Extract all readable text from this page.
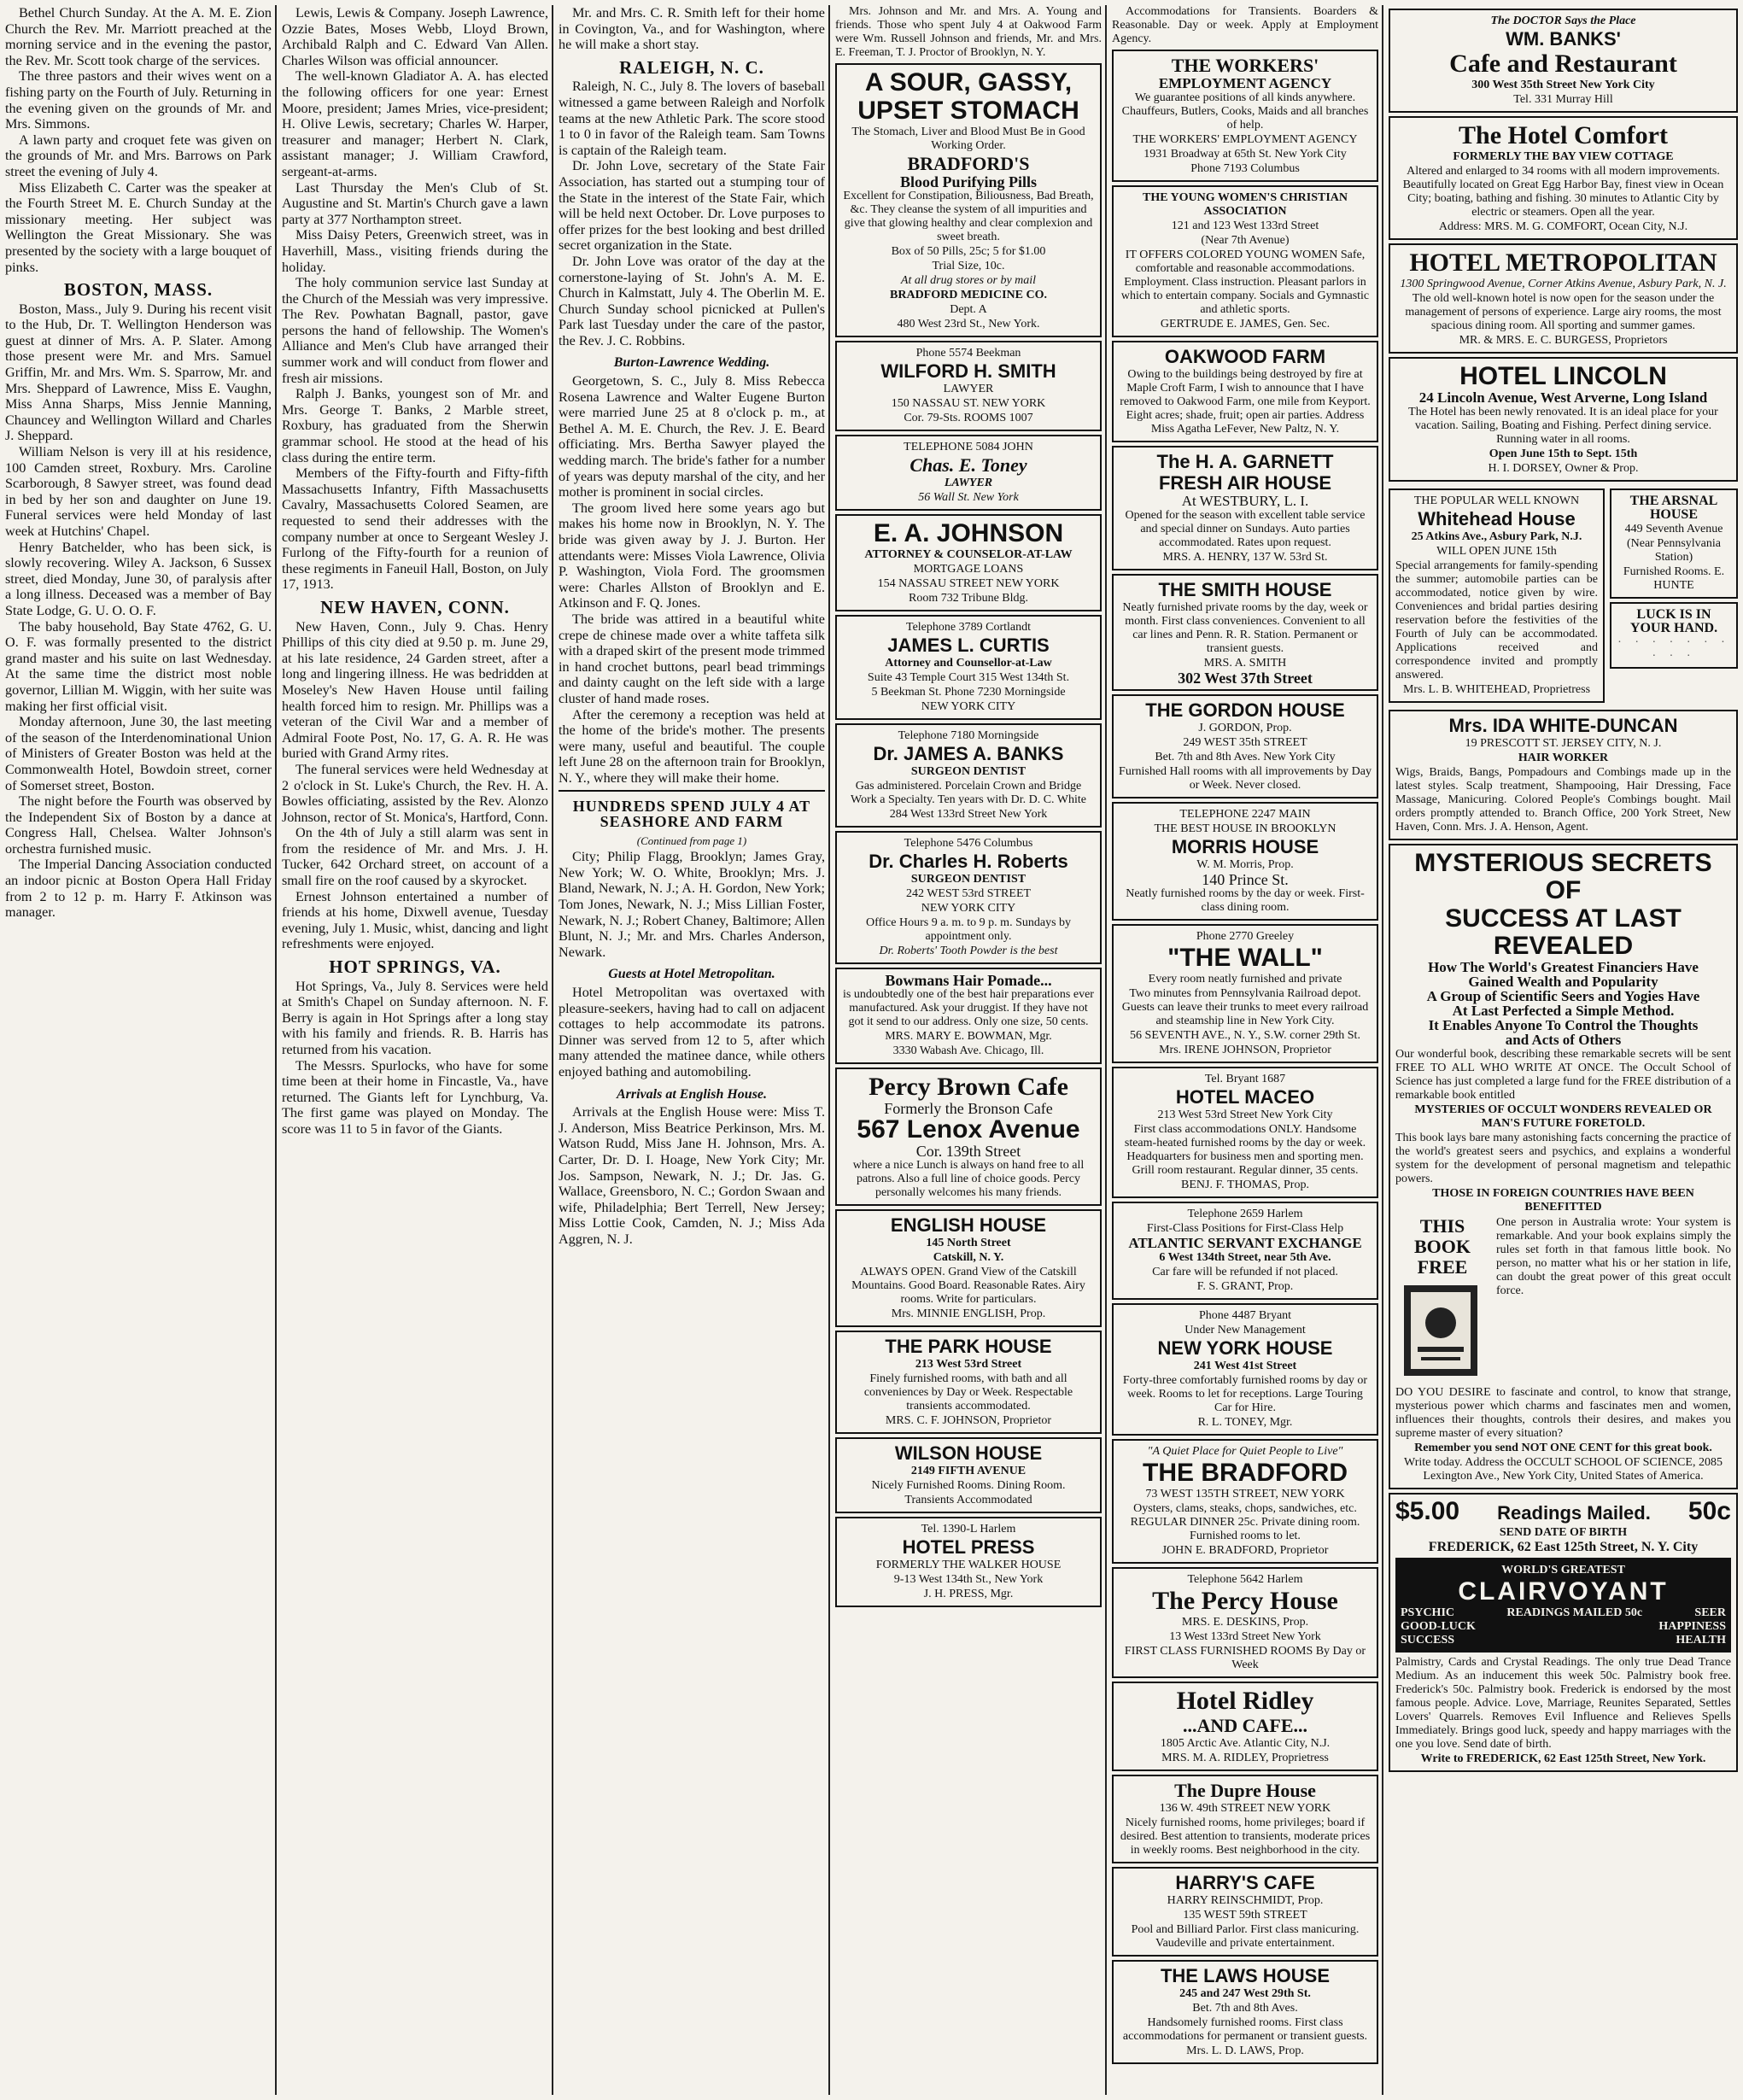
Bethel Church Sunday. At the A. M. E. Zion Church the Rev. Mr. Marriott preached at the morning service and in the evening the pastor, the Rev. Mr. Scott took charge of the services.

The three pastors and their wives went on a fishing party on the Fourth of July. Returning in the evening given on the grounds of Mr. and Mrs. Simmons.

A lawn party and croquet fete was given on the grounds of Mr. and Mrs. Barrows on Park street the evening of July 4.

Miss Elizabeth C. Carter was the speaker at the Fourth Street M. E. Church Sunday at the missionary meeting. Her subject was Wellington the Great Missionary. She was presented by the society with a large bouquet of pinks.

BOSTON, MASS.

Boston, Mass., July 9. During his recent visit to the Hub, Dr. T. Wellington Henderson was guest at dinner of Mrs. A. P. Slater. Among those present were Mr. and Mrs. Samuel Griffin, Mr. and Mrs. Wm. S. Sparrow, Mr. and Mrs. Sheppard of Lawrence, Miss E. Vaughn, Miss Anna Sharps, Miss Jennie Manning, Chauncey and Wellington Willard and Charles J. Sheppard.

William Nelson is very ill at his residence, 100 Camden street, Roxbury. Mrs. Caroline Scarborough, 8 Sawyer street, was found dead in bed by her son and daughter on June 19. Funeral services were held Monday of last week at Hutchins' Chapel.

Henry Batchelder, who has been sick, is slowly recovering. Wiley A. Jackson, 6 Sussex street, died Monday, June 30, of paralysis after a long illness. Deceased was a member of Bay State Lodge, G. U. O. O. F.

The baby household, Bay State 4762, G. U. O. F. was formally presented to the district grand master and his suite on last Wednesday. At the same time the district most noble governor, Lillian M. Wiggin, with her suite was making her first official visit.

Monday afternoon, June 30, the last meeting of the season of the Interdenominational Union of Ministers of Greater Boston was held at the Commonwealth Hotel, Bowdoin street, corner of Somerset street, Boston.

The night before the Fourth was observed by the Independent Six of Boston by a dance at Congress Hall, Chelsea. Walter Johnson's orchestra furnished music.

The Imperial Dancing Association conducted an indoor picnic at Boston Opera Hall Friday from 2 to 12 p. m. Harry F. Atkinson was manager.

Lewis, Lewis & Company. Joseph Lawrence, Ozzie Bates, Moses Webb, Lloyd Brown, Archibald Ralph and C. Edward Van Allen. Charles Wilson was official announcer.

The well-known Gladiator A. A. has elected the following officers for one year: Ernest Moore, president; James Mries, vice-president; H. Olive Lewis, secretary; Charles W. Harper, treasurer and manager; Herbert N. Clark, assistant manager; J. William Crawford, sergeant-at-arms.

Last Thursday the Men's Club of St. Augustine and St. Martin's Church gave a lawn party at 377 Northampton street.

Miss Daisy Peters, Greenwich street, was in Haverhill, Mass., visiting friends during the holiday.

The holy communion service last Sunday at the Church of the Messiah was very impressive. The Rev. Powhatan Bagnall, pastor, gave persons the hand of fellowship. The Women's Alliance and Men's Club have arranged their summer work and will conduct from flower and fresh air missions.

Ralph J. Banks, youngest son of Mr. and Mrs. George T. Banks, 2 Marble street, Roxbury, has graduated from the Sherwin grammar school. He stood at the head of his class during the entire term.

Members of the Fifty-fourth and Fifty-fifth Massachusetts Infantry, Fifth Massachusetts Cavalry, Massachusetts Colored Seamen, are requested to send their addresses with the company number at once to Sergeant Wesley J. Furlong of the Fifty-fourth for a reunion of these regiments in Faneuil Hall, Boston, on July 17, 1913.

NEW HAVEN, CONN.

New Haven, Conn., July 9. Chas. Henry Phillips of this city died at 9.50 p. m. June 29, at his late residence, 24 Garden street, after a long and lingering illness. He was bedridden at Moseley's New Haven House until failing health forced him to resign. Mr. Phillips was a veteran of the Civil War and a member of Admiral Foote Post, No. 17, G. A. R. He was buried with Grand Army rites.

The funeral services were held Wednesday at 2 o'clock in St. Luke's Church, the Rev. H. A. Bowles officiating, assisted by the Rev. Alonzo Johnson, rector of St. Monica's, Hartford, Conn.

On the 4th of July a still alarm was sent in from the residence of Mr. and Mrs. J. H. Tucker, 642 Orchard street, on account of a small fire on the roof caused by a skyrocket.

Ernest Johnson entertained a number of friends at his home, Dixwell avenue, Tuesday evening, July 1. Music, whist, dancing and light refreshments were enjoyed.

HOT SPRINGS, VA.

Hot Springs, Va., July 8. Services were held at Smith's Chapel on Sunday afternoon. N. F. Berry is again in Hot Springs after a long stay with his family and friends. R. B. Harris has returned from his vacation.

The Messrs. Spurlocks, who have for some time been at their home in Fincastle, Va., have returned. The Giants left for Lynchburg, Va. The first game was played on Monday. The score was 11 to 5 in favor of the Giants.

Mr. and Mrs. C. R. Smith left for their home in Covington, Va., and for Washington, where he will make a short stay.

RALEIGH, N. C.

Raleigh, N. C., July 8. The lovers of baseball witnessed a game between Raleigh and Norfolk teams at the new Athletic Park. The score stood 1 to 0 in favor of the Raleigh team. Sam Towns is captain of the Raleigh team.

Dr. John Love, secretary of the State Fair Association, has started out a stumping tour of the State in the interest of the State Fair, which will be held next October. Dr. Love purposes to offer prizes for the best looking and best drilled secret organization in the State.

Dr. John Love was orator of the day at the cornerstone-laying of St. John's A. M. E. Church in Kalmstatt, July 4. The Oberlin M. E. Church Sunday school picnicked at Pullen's Park last Tuesday under the care of the pastor, the Rev. J. C. Robbins.

Burton-Lawrence Wedding.

Georgetown, S. C., July 8. Miss Rebecca Rosena Lawrence and Walter Eugene Burton were married June 25 at 8 o'clock p. m., at Bethel A. M. E. Church, the Rev. J. E. Beard officiating. Mrs. Bertha Sawyer played the wedding march. The bride's father for a number of years was deputy marshal of the city, and her mother is prominent in social circles.

The groom lived here some years ago but makes his home now in Brooklyn, N. Y. The bride was given away by J. J. Burton. Her attendants were: Misses Viola Lawrence, Olivia P. Washington, Viola Ford. The groomsmen were: Charles Allston of Brooklyn and E. Atkinson and F. Q. Jones.

The bride was attired in a beautiful white crepe de chinese made over a white taffeta silk with a draped skirt of the present mode trimmed in hand crochet buttons, pearl bead trimmings and dainty caught on the left side with a large cluster of hand made roses.

After the ceremony a reception was held at the home of the bride's mother. The presents were many, useful and beautiful. The couple left June 28 on the afternoon train for Brooklyn, N. Y., where they will make their home.

HUNDREDS SPEND JULY 4 AT SEASHORE AND FARM
(Continued from page 1)

City; Philip Flagg, Brooklyn; James Gray, New York; W. O. White, Brooklyn; Mrs. J. Bland, Newark, N. J.; A. H. Gordon, New York; Tom Jones, Newark, N. J.; Miss Lillian Foster, Newark, N. J.; Robert Chaney, Baltimore; Allen Blunt, N. J.; Mr. and Mrs. Charles Anderson, Newark.

Guests at Hotel Metropolitan.

Hotel Metropolitan was overtaxed with pleasure-seekers, having had to call on adjacent cottages to help accommodate its patrons. Dinner was served from 12 to 5, after which many attended the matinee dance, while others enjoyed bathing and automobiling.

Arrivals at English House.

Arrivals at the English House were: Miss T. J. Anderson, Miss Beatrice Perkinson, Mrs. M. Watson Rudd, Miss Jane H. Johnson, Mrs. A. Carter, Dr. D. I. Hoage, New York City; Mr. Jos. Sampson, Newark, N. J.; Dr. Jas. G. Wallace, Greensboro, N. C.; Gordon Swaan and wife, Philadelphia; Bert Terrell, New Jersey; Miss Lottie Cook, Camden, N. J.; Miss Ada Aggren, N. J.

Mrs. Johnson and Mr. and Mrs. A. Young and friends. Those who spent July 4 at Oakwood Farm were Wm. Russell Johnson and friends, Mr. and Mrs. E. Freeman, T. J. Proctor of Brooklyn, N. Y.

A SOUR, GASSY,

UPSET STOMACH

The Stomach, Liver and Blood Must Be in Good Working Order.

BRADFORD'S

Blood Purifying Pills

Excellent for Constipation, Biliousness, Bad Breath, &c. They cleanse the system of all impurities and give that glowing healthy and clear complexion and sweet breath.

Box of 50 Pills, 25c; 5 for $1.00

Trial Size, 10c.

At all drug stores or by mail

BRADFORD MEDICINE CO.

Dept. A

480 West 23rd St., New York.

Phone 5574 Beekman

WILFORD H. SMITH

LAWYER

150 NASSAU ST. NEW YORK

Cor. 79-Sts. ROOMS 1007

TELEPHONE 5084 JOHN

Chas. E. Toney

LAWYER

56 Wall St. New York

E. A. JOHNSON

ATTORNEY & COUNSELOR-AT-LAW

MORTGAGE LOANS

154 NASSAU STREET NEW YORK

Room 732 Tribune Bldg.

Telephone 3789 Cortlandt

JAMES L. CURTIS

Attorney and Counsellor-at-Law

Suite 43 Temple Court 315 West 134th St.

5 Beekman St. Phone 7230 Morningside

NEW YORK CITY

Telephone 7180 Morningside

Dr. JAMES A. BANKS

SURGEON DENTIST

Gas administered. Porcelain Crown and Bridge Work a Specialty. Ten years with Dr. D. C. White

284 West 133rd Street New York

Telephone 5476 Columbus

Dr. Charles H. Roberts

SURGEON DENTIST

242 WEST 53rd STREET

NEW YORK CITY

Office Hours 9 a. m. to 9 p. m. Sundays by appointment only.

Dr. Roberts' Tooth Powder is the best

Bowmans Hair Pomade...

is undoubtedly one of the best hair preparations ever manufactured. Ask your druggist. If they have not got it send to our address. Only one size, 50 cents.

MRS. MARY E. BOWMAN, Mgr.

3330 Wabash Ave. Chicago, Ill.

Percy Brown Cafe

Formerly the Bronson Cafe

567 Lenox Avenue

Cor. 139th Street

where a nice Lunch is always on hand free to all patrons. Also a full line of choice goods. Percy personally welcomes his many friends.

ENGLISH HOUSE

145 North Street

Catskill, N. Y.

ALWAYS OPEN. Grand View of the Catskill Mountains. Good Board. Reasonable Rates. Airy rooms. Write for particulars.

Mrs. MINNIE ENGLISH, Prop.

THE PARK HOUSE

213 West 53rd Street

Finely furnished rooms, with bath and all conveniences by Day or Week. Respectable transients accommodated.

MRS. C. F. JOHNSON, Proprietor

WILSON HOUSE

2149 FIFTH AVENUE

Nicely Furnished Rooms. Dining Room.

Transients Accommodated

Tel. 1390-L Harlem

HOTEL PRESS

FORMERLY THE WALKER HOUSE

9-13 West 134th St., New York

J. H. PRESS, Mgr.

Accommodations for Transients. Boarders & Reasonable. Day or week. Apply at Employment Agency.

THE WORKERS'

EMPLOYMENT AGENCY

We guarantee positions of all kinds anywhere. Chauffeurs, Butlers, Cooks, Maids and all branches of help.

THE WORKERS' EMPLOYMENT AGENCY

1931 Broadway at 65th St. New York City

Phone 7193 Columbus

THE YOUNG WOMEN'S CHRISTIAN ASSOCIATION

121 and 123 West 133rd Street

(Near 7th Avenue)

IT OFFERS COLORED YOUNG WOMEN Safe, comfortable and reasonable accommodations. Employment. Class instruction. Pleasant parlors in which to entertain company. Socials and Gymnastic and athletic sports.

GERTRUDE E. JAMES, Gen. Sec.

OAKWOOD FARM

Owing to the buildings being destroyed by fire at Maple Croft Farm, I wish to announce that I have removed to Oakwood Farm, one mile from Keyport. Eight acres; shade, fruit; open air parties. Address Miss Agatha LeFever, New Paltz, N. Y.

The H. A. GARNETT

FRESH AIR HOUSE

At WESTBURY, L. I.

Opened for the season with excellent table service and special dinner on Sundays. Auto parties accommodated. Rates upon request.

MRS. A. HENRY, 137 W. 53rd St.

THE SMITH HOUSE

Neatly furnished private rooms by the day, week or month. First class conveniences. Convenient to all car lines and Penn. R. R. Station. Permanent or transient guests.

MRS. A. SMITH

302 West 37th Street

THE GORDON HOUSE

J. GORDON, Prop.

249 WEST 35th STREET

Bet. 7th and 8th Aves. New York City

Furnished Hall rooms with all improvements by Day or Week. Never closed.

TELEPHONE 2247 MAIN

THE BEST HOUSE IN BROOKLYN

MORRIS HOUSE

W. M. Morris, Prop.

140 Prince St.

Neatly furnished rooms by the day or week. First-class dining room.

Phone 2770 Greeley

"THE WALL"

Every room neatly furnished and private

Two minutes from Pennsylvania Railroad depot. Guests can leave their trunks to meet every railroad and steamship line in New York City.

56 SEVENTH AVE., N. Y., S.W. corner 29th St.

Mrs. IRENE JOHNSON, Proprietor

Tel. Bryant 1687

HOTEL MACEO

213 West 53rd Street New York City

First class accommodations ONLY. Handsome steam-heated furnished rooms by the day or week. Headquarters for business men and sporting men. Grill room restaurant. Regular dinner, 35 cents.

BENJ. F. THOMAS, Prop.

Telephone 2659 Harlem

First-Class Positions for First-Class Help

ATLANTIC SERVANT EXCHANGE

6 West 134th Street, near 5th Ave.

Car fare will be refunded if not placed.

F. S. GRANT, Prop.

Phone 4487 Bryant

Under New Management

NEW YORK HOUSE

241 West 41st Street

Forty-three comfortably furnished rooms by day or week. Rooms to let for receptions. Large Touring Car for Hire.

R. L. TONEY, Mgr.

"A Quiet Place for Quiet People to Live"

THE BRADFORD

73 WEST 135TH STREET, NEW YORK

Oysters, clams, steaks, chops, sandwiches, etc. REGULAR DINNER 25c. Private dining room. Furnished rooms to let.

JOHN E. BRADFORD, Proprietor

Telephone 5642 Harlem

The Percy House

MRS. E. DESKINS, Prop.

13 West 133rd Street New York

FIRST CLASS FURNISHED ROOMS By Day or Week

Hotel Ridley

...AND CAFE...

1805 Arctic Ave. Atlantic City, N.J.

MRS. M. A. RIDLEY, Proprietress

The Dupre House

136 W. 49th STREET NEW YORK

Nicely furnished rooms, home privileges; board if desired. Best attention to transients, moderate prices in weekly rooms. Best neighborhood in the city.

HARRY'S CAFE

HARRY REINSCHMIDT, Prop.

135 WEST 59th STREET

Pool and Billiard Parlor. First class manicuring. Vaudeville and private entertainment.

THE LAWS HOUSE

245 and 247 West 29th St.

Bet. 7th and 8th Aves.

Handsomely furnished rooms. First class accommodations for permanent or transient guests.

Mrs. L. D. LAWS, Prop.

The DOCTOR Says the Place

WM. BANKS'

Cafe and Restaurant

300 West 35th Street New York City

Tel. 331 Murray Hill

The Hotel Comfort

FORMERLY THE BAY VIEW COTTAGE

Altered and enlarged to 34 rooms with all modern improvements. Beautifully located on Great Egg Harbor Bay, finest view in Ocean City; boating, bathing and fishing. 30 minutes to Atlantic City by electric or steamers. Open all the year.

Address: MRS. M. G. COMFORT, Ocean City, N.J.

HOTEL METROPOLITAN

1300 Springwood Avenue, Corner Atkins Avenue, Asbury Park, N. J.

The old well-known hotel is now open for the season under the management of persons of experience. Large airy rooms, the most spacious dining room. All sporting and summer games.

MR. & MRS. E. C. BURGESS, Proprietors

HOTEL LINCOLN

24 Lincoln Avenue, West Arverne, Long Island

The Hotel has been newly renovated. It is an ideal place for your vacation. Sailing, Boating and Fishing. Perfect dining service. Running water in all rooms.

Open June 15th to Sept. 15th

H. I. DORSEY, Owner & Prop.

THE POPULAR WELL KNOWN

Whitehead House

25 Atkins Ave., Asbury Park, N.J.

WILL OPEN JUNE 15th

Special arrangements for family-spending the summer; automobile parties can be accommodated, notice given by wire. Conveniences and bridal parties desiring reservation before the festivities of the Fourth of July can be accommodated. Applications received and correspondence invited and promptly answered.

Mrs. L. B. WHITEHEAD, Proprietress

THE ARSNAL HOUSE

449 Seventh Avenue

(Near Pennsylvania Station)

Furnished Rooms. E. HUNTE

LUCK IS IN YOUR HAND.

· · · · · · · · · ·

Mrs. IDA WHITE-DUNCAN

19 PRESCOTT ST. JERSEY CITY, N. J.

HAIR WORKER

Wigs, Braids, Bangs, Pompadours and Combings made up in the latest styles. Scalp treatment, Shampooing, Hair Dressing, Face Massage, Manicuring. Colored People's Combings bought. Mail orders promptly attended to. Branch Office, 200 York Street, New Haven, Conn. Mrs. J. A. Henson, Agent.

MYSTERIOUS SECRETS OF

SUCCESS AT LAST REVEALED

How The World's Greatest Financiers Have

Gained Wealth and Popularity

A Group of Scientific Seers and Yogies Have

At Last Perfected a Simple Method.

It Enables Anyone To Control the Thoughts

and Acts of Others

Our wonderful book, describing these remarkable secrets will be sent FREE TO ALL WHO WRITE AT ONCE. The Occult School of Science has just completed a large fund for the FREE distribution of a remarkable book entitled

MYSTERIES OF OCCULT WONDERS REVEALED OR MAN'S FUTURE FORETOLD.

This book lays bare many astonishing facts concerning the practice of the world's greatest seers and psychics, and explains a wonderful system for the development of personal magnetism and telepathic powers.

THOSE IN FOREIGN COUNTRIES HAVE BEEN BENEFITTED

THIS BOOK FREE

One person in Australia wrote: Your system is remarkable. And your book explains simply the rules set forth in that famous little book. No person, no matter what his or her station in life, can doubt the great power of this great occult force.

DO YOU DESIRE to fascinate and control, to know that strange, mysterious power which charms and fascinates men and women, influences their thoughts, controls their desires, and makes you supreme master of every situation?

Remember you send NOT ONE CENT for this great book.

Write today. Address the OCCULT SCHOOL OF SCIENCE, 2085 Lexington Ave., New York City, United States of America.

$5.00 Readings Mailed. 50c

SEND DATE OF BIRTH

FREDERICK, 62 East 125th Street, N. Y. City

WORLD'S GREATEST

CLAIRVOYANT

PSYCHIC	READINGS MAILED 50c	SEER
GOOD-LUCK	HAPPINESS
SUCCESS	HEALTH

Palmistry, Cards and Crystal Readings. The only true Dead Trance Medium. As an inducement this week 50c. Palmistry book free. Frederick's 50c. Palmistry book. Frederick is endorsed by the most famous people. Advice. Love, Marriage, Reunites Separated, Settles Lovers' Quarrels. Removes Evil Influence and Relieves Spells Immediately. Brings good luck, speedy and happy marriages with the one you love. Send date of birth.

Write to FREDERICK, 62 East 125th Street, New York.
